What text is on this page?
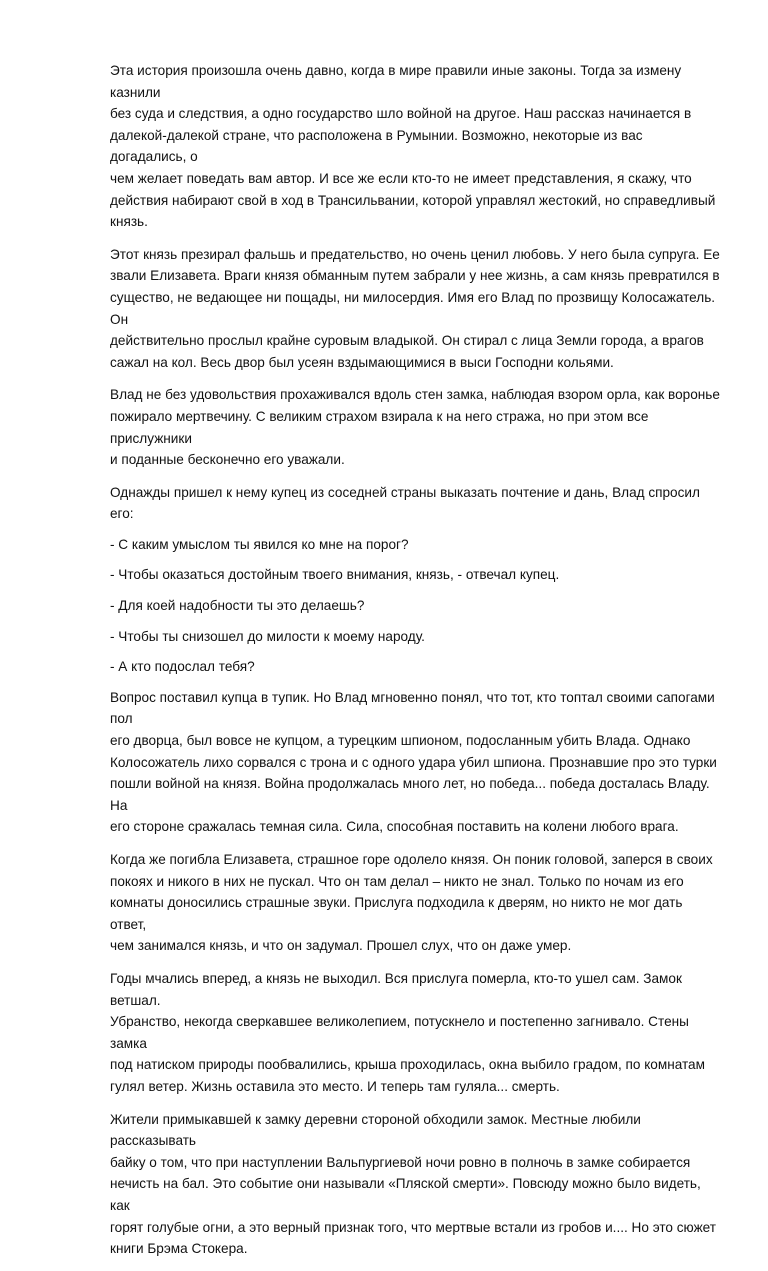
Эта история произошла очень давно, когда в мире правили иные законы. Тогда за измену казнили
без суда и следствия, а одно государство шло войной на другое. Наш рассказ начинается в
далекой-далекой стране, что расположена в Румынии. Возможно, некоторые из вас догадались, о
чем желает поведать вам автор. И все же если кто-то не имеет представления, я скажу, что
действия набирают свой в ход в Трансильвании, которой управлял жестокий, но справедливый
князь.

Этот князь презирал фальшь и предательство, но очень ценил любовь. У него была супруга. Ее
звали Елизавета. Враги князя обманным путем забрали у нее жизнь, а сам князь превратился в
существо, не ведающее ни пощады, ни милосердия. Имя его Влад по прозвищу Колосажатель. Он
действительно прослыл крайне суровым владыкой. Он стирал с лица Земли города, а врагов
сажал на кол. Весь двор был усеян вздымающимися в выси Господни кольями.

Влад не без удовольствия прохаживался вдоль стен замка, наблюдая взором орла, как воронье
пожирало мертвечину. С великим страхом взирала к на него стража, но при этом все прислужники
и поданные бесконечно его уважали.

Однажды пришел к нему купец из соседней страны выказать почтение и дань, Влад спросил его:

- С каким умыслом ты явился ко мне на порог?

- Чтобы оказаться достойным твоего внимания, князь, - отвечал купец.

- Для коей надобности ты это делаешь?

- Чтобы ты снизошел до милости к моему народу.

- А кто подослал тебя?

Вопрос поставил купца в тупик. Но Влад мгновенно понял, что тот, кто топтал своими сапогами пол
его дворца, был вовсе не купцом, а турецким шпионом, подосланным убить Влада. Однако
Колосожатель лихо сорвался с трона и с одного удара убил шпиона. Прознавшие про это турки
пошли войной на князя. Война продолжалась много лет, но победа... победа досталась Владу. На
его стороне сражалась темная сила. Сила, способная поставить на колени любого врага.

Когда же погибла Елизавета, страшное горе одолело князя. Он поник головой, заперся в своих
покоях и никого в них не пускал. Что он там делал – никто не знал. Только по ночам из его
комнаты доносились страшные звуки. Прислуга подходила к дверям, но никто не мог дать ответ,
чем занимался князь, и что он задумал. Прошел слух, что он даже умер.

Годы мчались вперед, а князь не выходил. Вся прислуга померла, кто-то ушел сам. Замок ветшал.
Убранство, некогда сверкавшее великолепием, потускнело и постепенно загнивало. Стены замка
под натиском природы пообвалились, крыша проходилась, окна выбило градом, по комнатам
гулял ветер. Жизнь оставила это место. И теперь там гуляла... смерть.

Жители примыкавшей к замку деревни стороной обходили замок. Местные любили рассказывать
байку о том, что при наступлении Вальпургиевой ночи ровно в полночь в замке собирается
нечисть на бал. Это событие они называли «Пляской смерти». Повсюду можно было видеть, как
горят голубые огни, а это верный признак того, что мертвые встали из гробов и.... Но это сюжет
книги Брэма Стокера.
